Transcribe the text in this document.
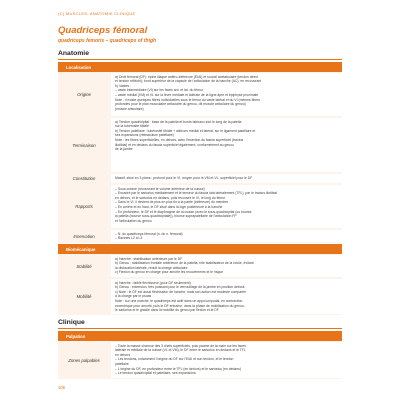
(C) MUSCLES, ANATOMIE CLINIQUE
Quadriceps fémoral
quadriceps femoris – quadriceps of thigh
Anatomie
Localisation
Origine

a) Droit fémoral (DF): épine iliaque antéro-inférieure (EIAI) et sourcil acétabulaire (tendon direct

et tendon réfléchi); bord supérieur de la capsule de l'articulation de la hanche (AC), en recouvrant

b) Vastes :

– vaste intermédiaire (VI) sur les faces ant. et lat. du fémur

– vaste médial (VM) et VL sur la lèvre médiale et latérale de la ligne âpre et épiphyse proximale

Note : il existe quelques fibres individuelles sous le fémur du vaste latéral et du VI (mêmes fibres

profondes pour le plan musculaire articulaire du genou, dit muscle articulaire du genou)

(muscle articulaire)

Terminaison

a) Tendon quadricipital : base de la patella et bords latéraux tout le long de la patella

sur la tubérosité tibiale

b) Tendon patellaire : tubérosité tibiale + ailerons médial et latéral, sur le ligament patellaire et

ses expansions (rétinaculum patellaire)

Note : les fibres superficielles, en dehors, avec l'insertion du fascia superficiel (tractus

iliotibial) et en dedans du fascia superficiel également, conformément au genou

de la jambe

Constitution	Massif, situé en 3 plans : profond pour le VI, moyen pour le VM et VL, superficiel pour le DF

Rapports

– Sous-cutané (recouvrant le volume antérieur de la cuisse)

– Encadré par le sartorius médialement et le tenseur du fascia lata latéralement (TFL), par le tractus iliotibial

en dehors, et le sartorius en dedans, puis recouvre le VI, le long du fémur

– Dans le VI, il devient de plus en plus fin à la partie (inférieure) du membre

– En arrière et en haut, le DF situé dans la loge postérieure à la hanche

– En profondeur, le DF et le diaphragme de la cuisse (avec le sous-quadricipital (ou bourse

la patella (bourse sous-quadricipitale)), bourse suprapatellaire de l'articulation FP

et l'articulation du genou

Innervation	– N. du quadriceps fémoral (n. du n. fémoral)

– Racines L2 à L4

Biomécanique
Stabilité

a) Hanche : stabilisation antérieure par le DF

b) Genou : stabilisation frontale antérieure de la patella, rôle stabilisateur de la rotule, évitant

la dislocation latérale, réduit la charge articulaire

c) Flexion du genou en charge pour amortir les mouvements et le risque

Mobilité

a) Hanche : faible fléchisseur (pour DF seulement)

b) Genou : extension, très puissant pour le verrouillage de la jambe en position debout

c) Note : le DF est aussi fléchisseur de hanche, mais son action est modeste comparée

à la charge par le psoas

Note : sur une marche, le quadriceps est actif dans un appui unipodal, en contraction

excentrique pour amortir, puis le DF entraîne, dans la phase de mobilisation du genou,

le sartorius et le gracile dans la mobilité du genou par flexion et le DF

Clinique
Palpation
Zones palpables

– Toute la masse charnue des 3 chefs superficiels, puis paume de la main sur les faces

latérale et médiale de la cuisse (VL et VM); le DF entre le sartorius en dedans et le TFL

en dehors

– Les tendons, notamment l'origine du DF sur l'EIAI et son tendon, et le tendon

patellaire

– L'origine du DF, en profondeur entre le TFL (en dehors) et le sartorius (en dedans)

– Le tendon quadricipital et patellaire, ses expansions

106
